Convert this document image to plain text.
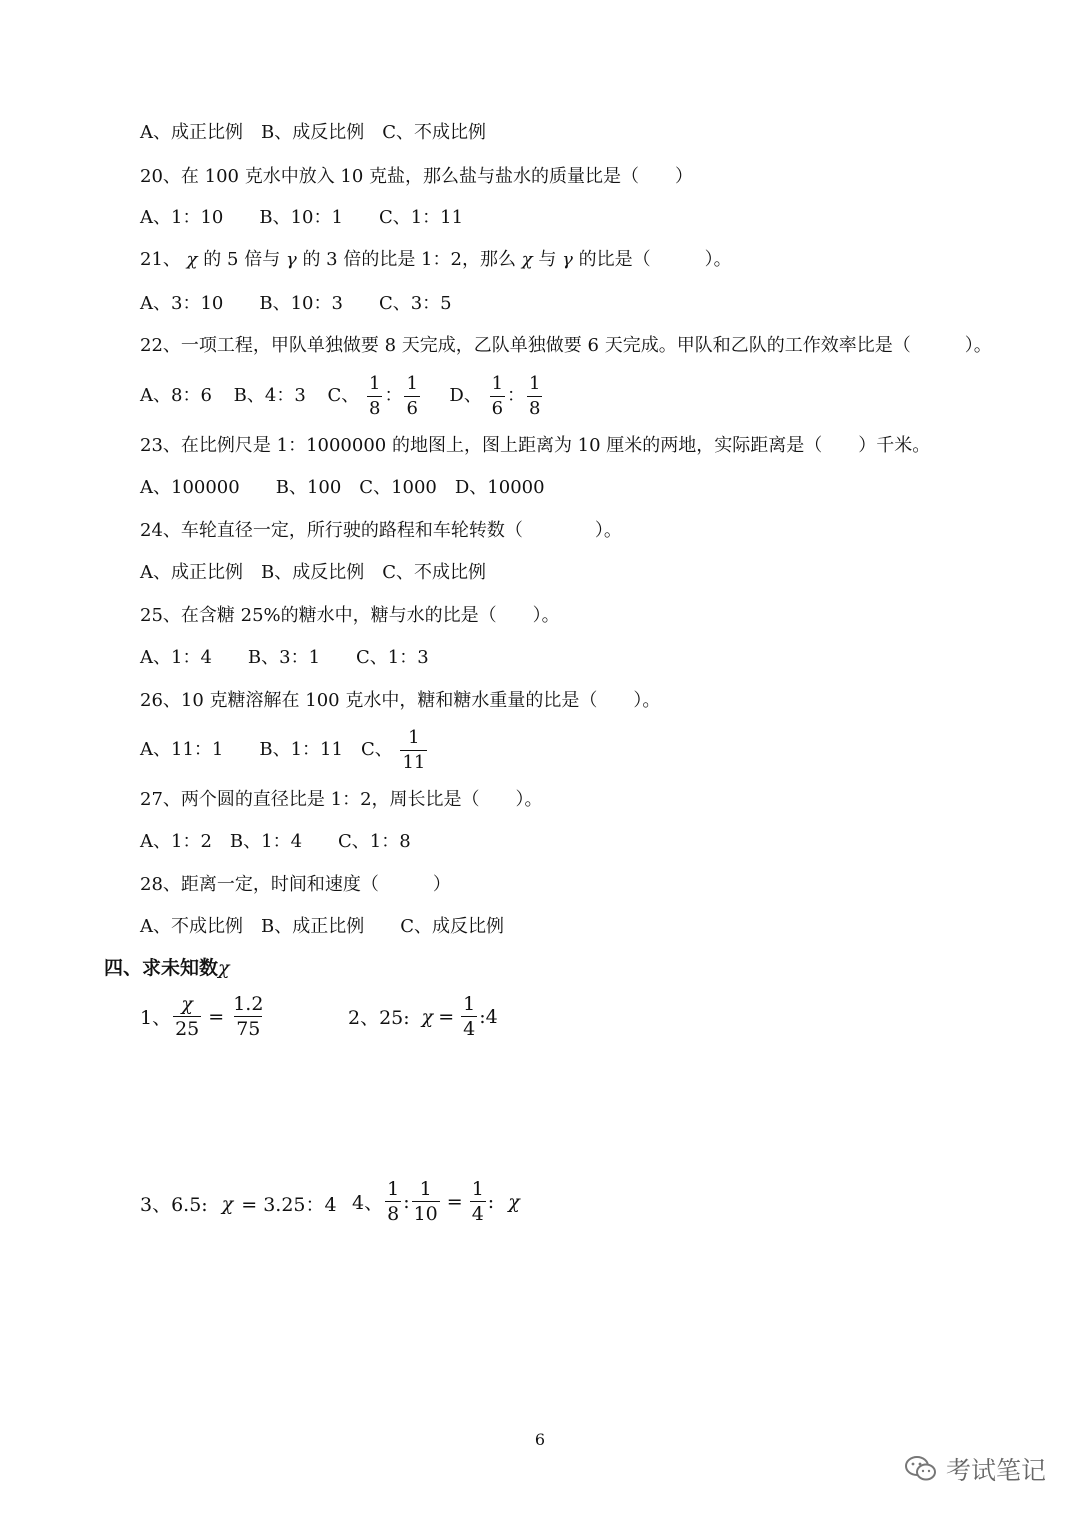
A、成正比例　B、成反比例　C、不成比例
20、在 100 克水中放入 10 克盐，那么盐与盐水的质量比是（　　）
A、1：10　　B、10：1　　C、1：11
21、 χ 的 5 倍与 γ 的 3 倍的比是 1：2，那么 χ 与 γ 的比是（　　　）。
A、3：10　　B、10：3　　C、3：5
22、一项工程，甲队单独做要 8 天完成，乙队单独做要 6 天完成。甲队和乙队的工作效率比是（　　　）。
A、8：6 B、4：3 C、 $\frac{1}{8}$ ： $\frac{1}{6}$ D、 $\frac{1}{6}$ ： $\frac{1}{8}$
23、在比例尺是 1：1000000 的地图上，图上距离为 10 厘米的两地，实际距离是（　　）千米。
A、100000　　B、100　C、1000　D、10000
24、车轮直径一定，所行驶的路程和车轮转数（　　　　）。
A、成正比例　B、成反比例　C、不成比例
25、在含糖 25%的糖水中，糖与水的比是（　　）。
A、1：4　　B、3：1　　C、1：3
26、10 克糖溶解在 100 克水中，糖和糖水重量的比是（　　）。
A、11：1　　B、1：11　C、 $\frac{1}{11}$
27、两个圆的直径比是 1：2，周长比是（　　）。
A、1：2　B、1：4　　C、1：8
28、距离一定，时间和速度（　　　）
A、不成比例　B、成正比例　　C、成反比例
四、求未知数χ
1、 $\frac{\chi}{25} = \frac{1.2}{75}$	2、25: $\chi = \frac{1}{4}$ :4
3、6.5: χ = 3.25：4 4、 $\frac{1}{8}$ : $\frac{1}{10} = \frac{1}{4}$ : χ
6
考试笔记
